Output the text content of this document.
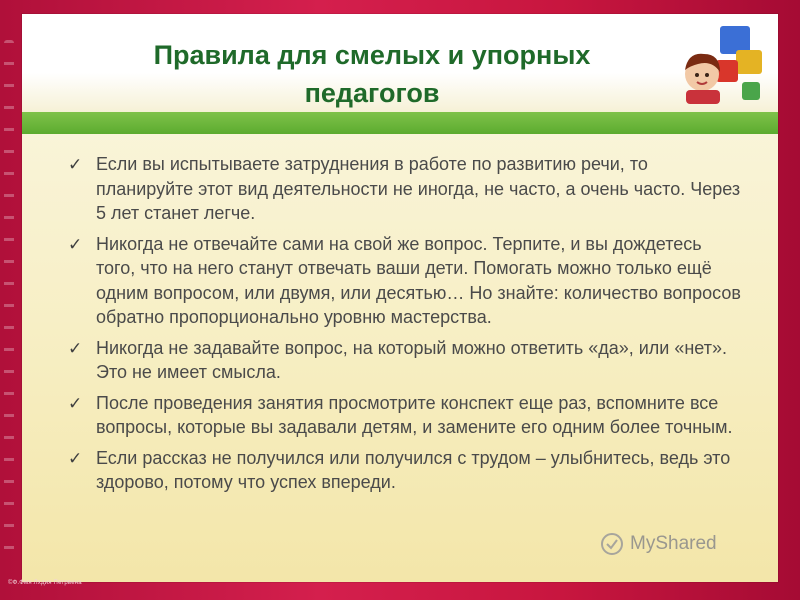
Правила для смелых и упорных
педагогов
✓ Если вы испытываете затруднения в работе по развитию речи, то планируйте этот вид деятельности не иногда, не часто, а очень часто. Через 5 лет станет легче.
✓ Никогда не отвечайте сами на свой же вопрос. Терпите, и вы дождетесь того, что на него станут отвечать ваши дети. Помогать можно только ещё одним вопросом, или двумя, или десятью… Но знайте: количество вопросов обратно пропорционально уровню мастерства.
✓ Никогда не задавайте вопрос, на который можно ответить «да», или «нет». Это не имеет смысла.
✓ После проведения занятия просмотрите конспект еще раз, вспомните все вопросы, которые вы задавали детям, и замените его одним более точным.
✓ Если рассказ не получился или получился с трудом – улыбнитесь, ведь это здорово, потому что успех впереди.
MyShared
©Ф.Фмя Лхдия Петрвена
